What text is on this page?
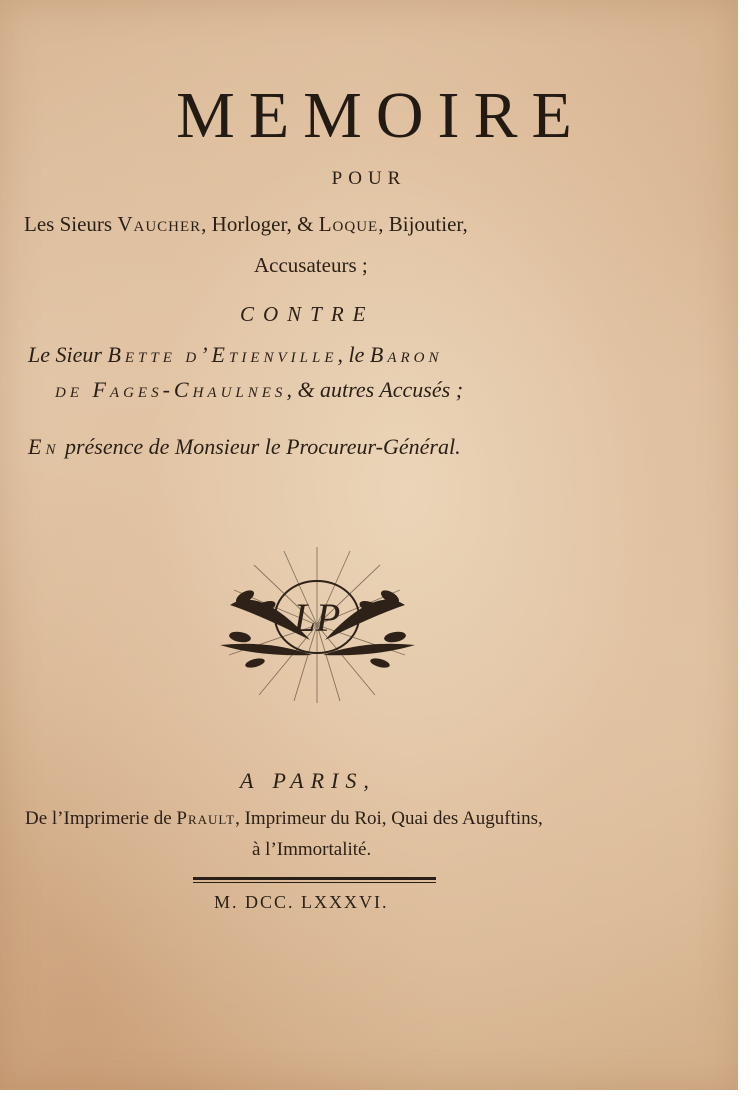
MEMOIRE
POUR
Les Sieurs Vaucher, Horloger, & Loque, Bijoutier,
Accusateurs ;
CONTRE
Le Sieur Bette d’Etienville, le Baron
de Fages-Chaulnes, & autres Accusés ;
En présence de Monsieur le Procureur-Général.
LP
A PARIS,
De l’Imprimerie de Prault, Imprimeur du Roi, Quai des Auguftins,
à l’Immortalité.
M. DCC. LXXXVI.
